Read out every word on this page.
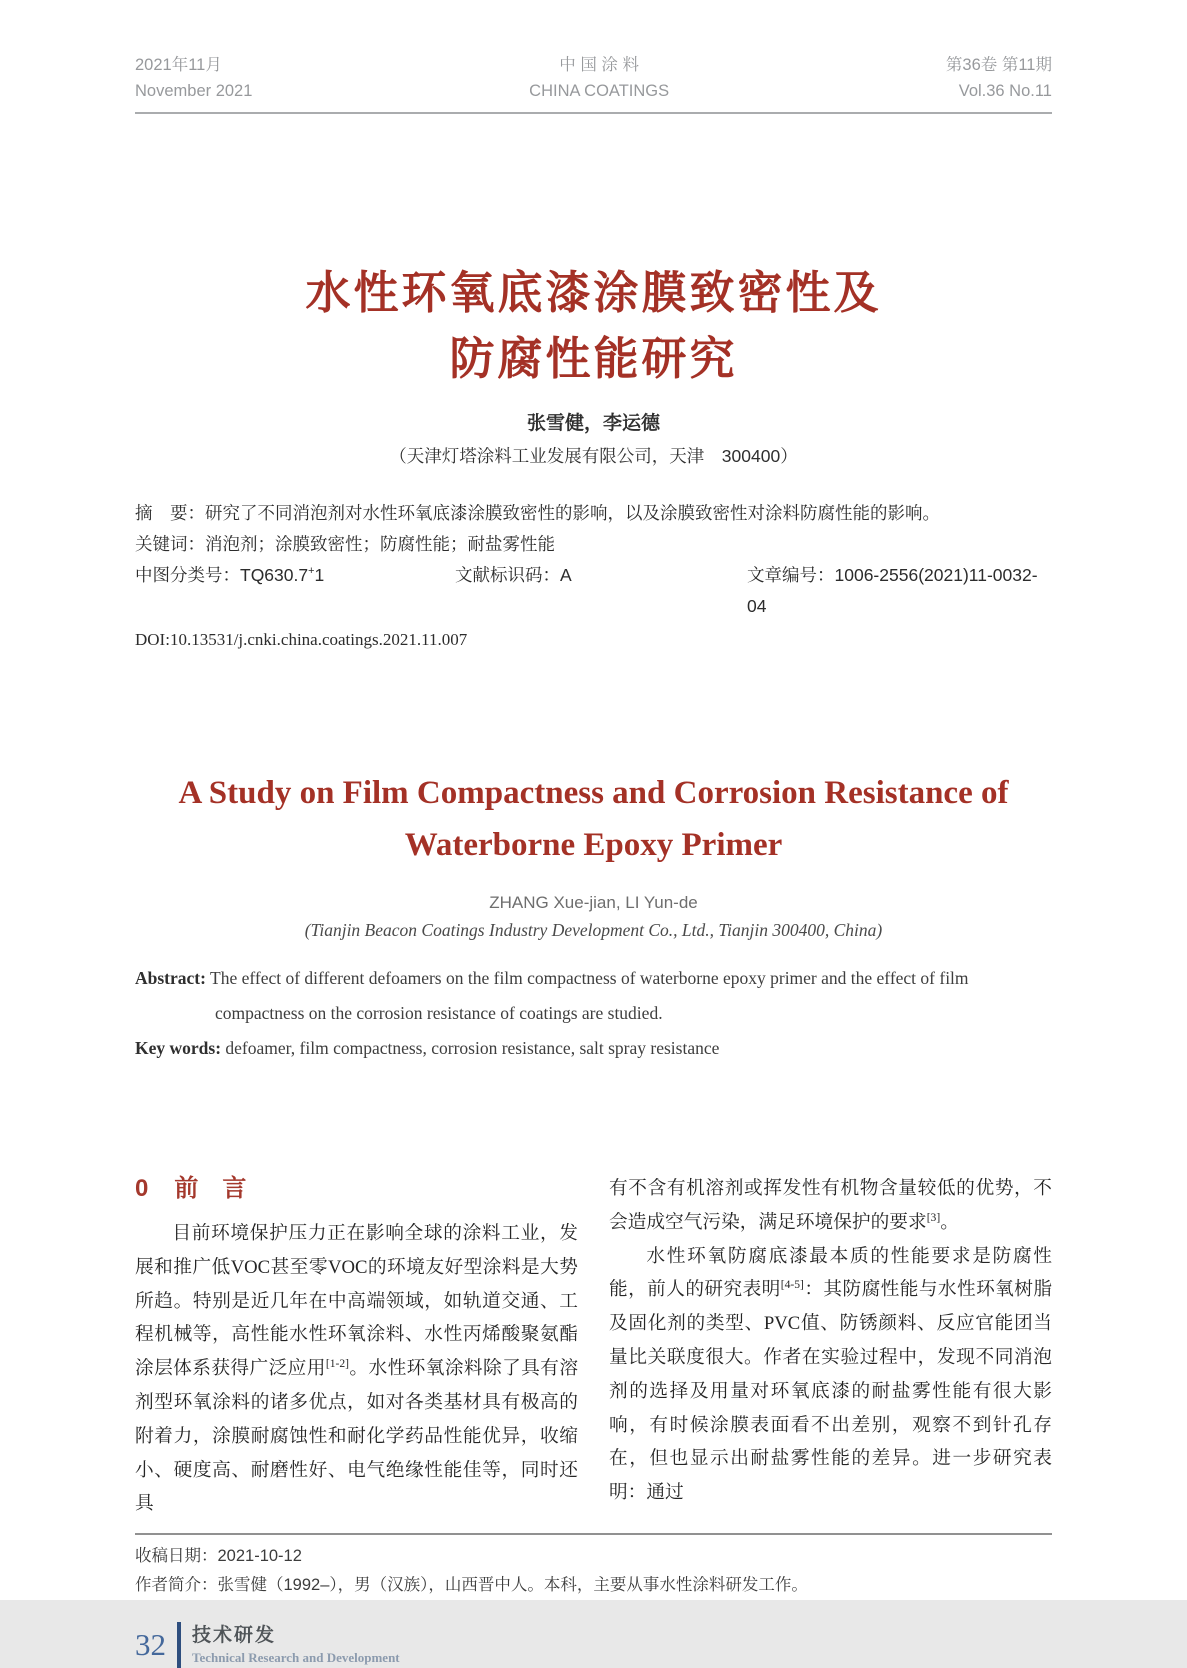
2021年11月
November 2021
中 国 涂 料
CHINA COATINGS
第36卷 第11期
Vol.36 No.11
水性环氧底漆涂膜致密性及
防腐性能研究
张雪健，李运德
（天津灯塔涂料工业发展有限公司，天津　300400）
摘　要：研究了不同消泡剂对水性环氧底漆涂膜致密性的影响，以及涂膜致密性对涂料防腐性能的影响。
关键词：消泡剂；涂膜致密性；防腐性能；耐盐雾性能
中图分类号：TQ630.7+1	文献标识码：A	文章编号：1006-2556(2021)11-0032-04
DOI:10.13531/j.cnki.china.coatings.2021.11.007
A Study on Film Compactness and Corrosion Resistance of
Waterborne Epoxy Primer
ZHANG Xue-jian, LI Yun-de
(Tianjin Beacon Coatings Industry Development Co., Ltd., Tianjin 300400, China)
Abstract: The effect of different defoamers on the film compactness of waterborne epoxy primer and the effect of film compactness on the corrosion resistance of coatings are studied.
Key words: defoamer, film compactness, corrosion resistance, salt spray resistance
0 前　言

目前环境保护压力正在影响全球的涂料工业，发展和推广低VOC甚至零VOC的环境友好型涂料是大势所趋。特别是近几年在中高端领域，如轨道交通、工程机械等，高性能水性环氧涂料、水性丙烯酸聚氨酯涂层体系获得广泛应用[1-2]。水性环氧涂料除了具有溶剂型环氧涂料的诸多优点，如对各类基材具有极高的附着力，涂膜耐腐蚀性和耐化学药品性能优异，收缩小、硬度高、耐磨性好、电气绝缘性能佳等，同时还具

有不含有机溶剂或挥发性有机物含量较低的优势，不会造成空气污染，满足环境保护的要求[3]。

水性环氧防腐底漆最本质的性能要求是防腐性能，前人的研究表明[4-5]：其防腐性能与水性环氧树脂及固化剂的类型、PVC值、防锈颜料、反应官能团当量比关联度很大。作者在实验过程中，发现不同消泡剂的选择及用量对环氧底漆的耐盐雾性能有很大影响，有时候涂膜表面看不出差别，观察不到针孔存在，但也显示出耐盐雾性能的差异。进一步研究表明：通过

收稿日期：2021-10-12
作者简介：张雪健（1992–），男（汉族），山西晋中人。本科，主要从事水性涂料研发工作。
32 技术研发
Technical Research and Development
